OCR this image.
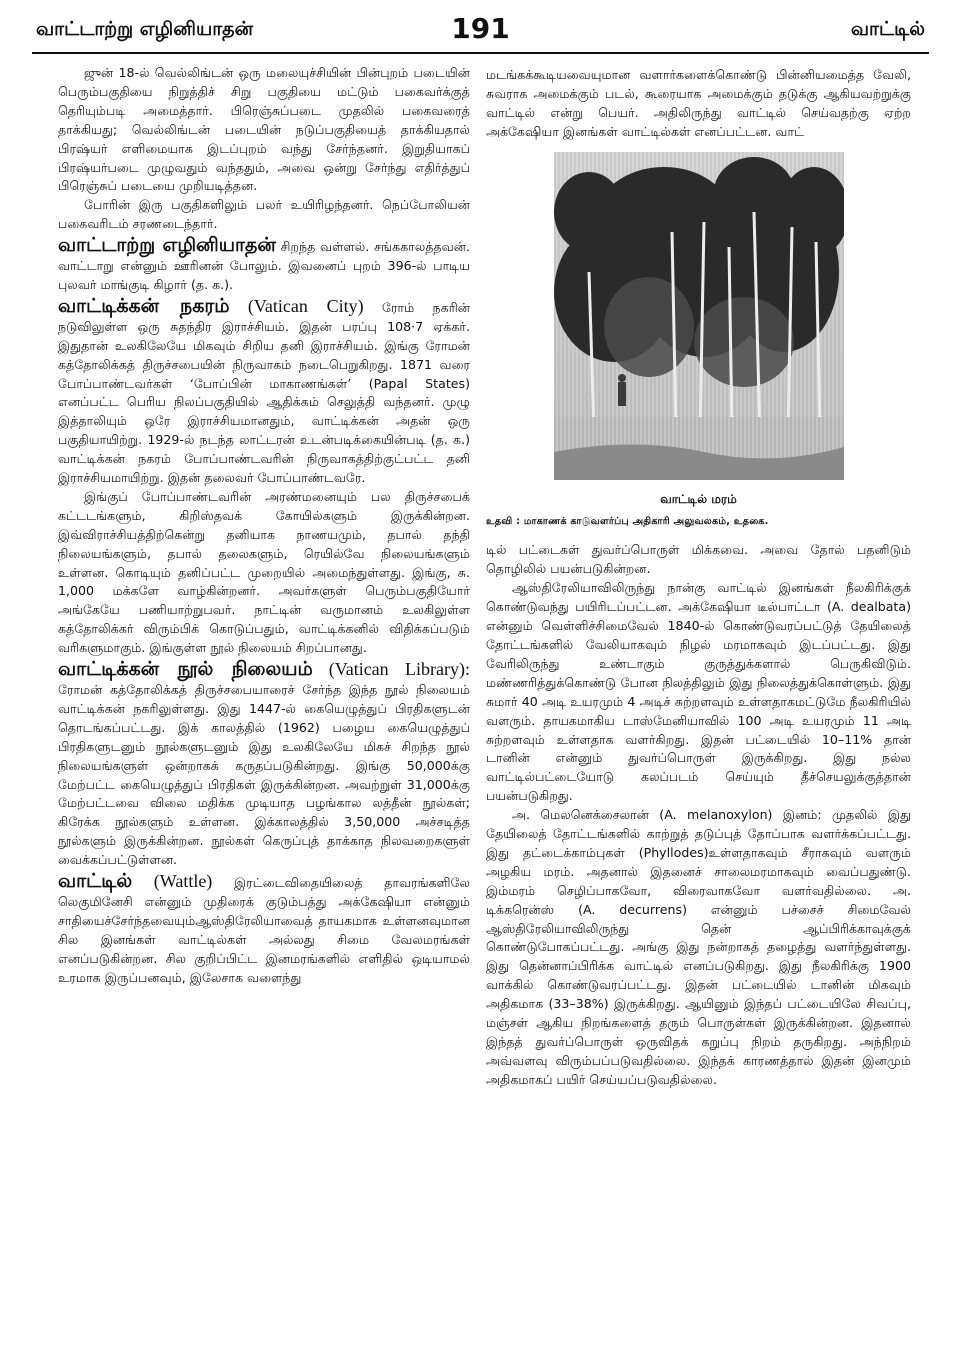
வாட்டாற்று எழினியாதன்	191	வாட்டில்

ஜுன் 18-ல் வெல்லிங்டன் ஒரு மலையுச்சியின் பின்புறம் படையின் பெரும்பகுதியை நிறுத்திச் சிறு பகுதியை மட்டும் பகைவர்க்குத் தெரியும்படி அமைத்தார். பிரெஞ்சுப்படை முதலில் பகைவரைத் தாக்கியது; வெல்லிங்டன் படையின் நடுப்பகுதியைத் தாக்கியதால் பிரஷ்யர் எளிமையாக இடப்புறம் வந்து சேர்ந்தனர். இறுதியாகப் பிரஷ்யர்படை முழுவதும் வந்ததும், அவை ஒன்று சேர்ந்து எதிர்த்துப் பிரெஞ்சுப் படையை முறியடித்தன.

போரின் இரு பகுதிகளிலும் பலர் உயிரிழந்தனர். நெப்போலியன் பகைவரிடம் சரணடைந்தார்.

வாட்டாற்று எழினியாதன் சிறந்த வள்ளல். சங்ககாலத்தவன். வாட்டாறு என்னும் ஊரினன் போலும். இவனைப் புறம் 396-ல் பாடிய புலவர் மாங்குடி கிழார் (த. க.).

வாட்டிக்கன் நகரம் (Vatican City) ரோம் நகரின் நடுவிலுள்ள ஒரு சுதந்திர இராச்சியம். இதன் பரப்பு 108·7 ஏக்கர். இதுதான் உலகிலேயே மிகவும் சிறிய தனி இராச்சியம். இங்கு ரோமன் கத்தோலிக்கத் திருச்சபையின் நிருவாகம் நடைபெறுகிறது. 1871 வரை போப்பாண்டவர்கள் ‘போப்பின் மாகாணங்கள்’ (Papal States) எனப்பட்ட பெரிய நிலப்பகுதியில் ஆதிக்கம் செலுத்தி வந்தனர். முழு இத்தாலியும் ஒரே இராச்சியமானதும், வாட்டிக்கன் அதன் ஒரு பகுதியாயிற்று. 1929-ல் நடந்த லாட்டரன் உடன்படிக்கையின்படி (த. க.) வாட்டிக்கன் நகரம் போப்பாண்டவரின் நிருவாகத்திற்குட்பட்ட தனி இராச்சியமாயிற்று. இதன் தலைவர் போப்பாண்டவரே.

இங்குப் போப்பாண்டவரின் அரண்மனையும் பல திருச்சபைக் கட்டடங்களும், கிறிஸ்தவக் கோயில்களும் இருக்கின்றன. இவ்விராச்சியத்திற்கென்று தனியாக நாணயமும், தபால் தந்தி நிலையங்களும், தபால் தலைகளும், ரெயில்வே நிலையங்களும் உள்ளன. கொடியும் தனிப்பட்ட முறையில் அமைந்துள்ளது. இங்கு, சு. 1,000 மக்களே வாழ்கின்றனர். அவர்களுள் பெரும்பகுதியோர் அங்கேயே பணியாற்றுபவர். நாட்டின் வருமானம் உலகிலுள்ள கத்தோலிக்கர் விரும்பிக் கொடுப்பதும், வாட்டிக்கனில் விதிக்கப்படும் வரிகளுமாகும். இங்குள்ள நூல் நிலையம் சிறப்பானது.

வாட்டிக்கன் நூல் நிலையம் (Vatican Library): ரோமன் கத்தோலிக்கத் திருச்சபையாரைச் சேர்ந்த இந்த நூல் நிலையம் வாட்டிக்கன் நகரிலுள்ளது. இது 1447-ல் கையெழுத்துப் பிரதிகளுடன் தொடங்கப்பட்டது. இக் காலத்தில் (1962) பழைய கையெழுத்துப் பிரதிகளுடனும் நூல்களுடனும் இது உலகிலேயே மிகச் சிறந்த நூல் நிலையங்களுள் ஒன்றாகக் கருதப்படுகின்றது. இங்கு 50,000க்கு மேற்பட்ட கையெழுத்துப் பிரதிகள் இருக்கின்றன. அவற்றுள் 31,000க்கு மேற்பட்டவை விலை மதிக்க முடியாத பழங்கால லத்தீன் நூல்கள்; கிரேக்க நூல்களும் உள்ளன. இக்காலத்தில் 3,50,000 அச்சடித்த நூல்களும் இருக்கின்றன. நூல்கள் கெருப்புத் தாக்காத நிலவறைகளுள் வைக்கப்பட்டுள்ளன.

வாட்டில் (Wattle) இரட்டைவிதையிலைத் தாவரங்களிலே லெகுமினேசி என்னும் முதிரைக் குடும்பத்து அக்கேஷியா என்னும் சாதியைச்சேர்ந்தவையும்ஆஸ்திரேலியாவைத் தாயகமாக உள்ளனவுமான சில இனங்கள் வாட்டில்கள் அல்லது சிமை வேலமரங்கள் எனப்படுகின்றன. சில குறிப்பிட்ட இனமரங்களில் எளிதில் ஒடியாமல் உரமாக இருப்பனவும், இலேசாக வளைந்து

மடங்கக்கூடியவையுமான வளார்களைக்கொண்டு பின்னியமைத்த வேலி, சுவராக அமைக்கும் படல், கூரையாக அமைக்கும் தடுக்கு ஆகியவற்றுக்கு வாட்டில் என்று பெயர். அதிலிருந்து வாட்டில் செய்வதற்கு ஏற்ற அக்கேஷியா இனங்கள் வாட்டில்கள் எனப்பட்டன. வாட்

வாட்டில் மரம்
உதவி : மாகாணக் காடுவளர்ப்பு அதிகாரி அலுவலகம், உதகை.

டில் பட்டைகள் துவர்ப்பொருள் மிக்கவை. அவை தோல் பதனிடும் தொழிலில் பயன்படுகின்றன.

ஆஸ்திரேலியாவிலிருந்து நான்கு வாட்டில் இனங்கள் நீலகிரிக்குக் கொண்டுவந்து பயிரிடப்பட்டன. அக்கேஷியா டீல்பாட்டா (A. dealbata) என்னும் வெள்ளிச்சிமைவேல் 1840-ல் கொண்டுவரப்பட்டுத் தேயிலைத் தோட்டங்களில் வேலியாகவும் நிழல் மரமாகவும் இடப்பட்டது. இது வேரிலிருந்து உண்டாகும் குருத்துக்களால் பெருகிவிடும். மண்ணரித்துக்கொண்டு போன நிலத்திலும் இது நிலைத்துக்கொள்ளும். இது சுமார் 40 அடி உயரமும் 4 அடிச் சுற்றளவும் உள்ளதாகமட்டுமே நீலகிரியில் வளரும். தாயகமாகிய டாஸ்மேனியாவில் 100 அடி உயரமும் 11 அடி சுற்றளவும் உள்ளதாக வளர்கிறது. இதன் பட்டையில் 10–11% தான் டானின் என்னும் துவர்ப்பொருள் இருக்கிறது. இது நல்ல வாட்டில்பட்டையோடு கலப்படம் செய்யும் தீச்செயலுக்குத்தான் பயன்படுகிறது.

அ. மெலனெக்சைலான் (A. melanoxylon) இனம்: முதலில் இது தேயிலைத் தோட்டங்களில் காற்றுத் தடுப்புத் தோப்பாக வளர்க்கப்பட்டது. இது தட்டைக்காம்புகள் (Phyllodes)உள்ளதாகவும் சீராகவும் வளரும் அழகிய மரம். அதனால் இதனைச் சாலைமரமாகவும் வைப்பதுண்டு. இம்மரம் செழிப்பாகவோ, விரைவாகவோ வளர்வதில்லை. அ. டிக்கரென்ஸ் (A. decurrens) என்னும் பச்சைச் சிமைவேல் ஆஸ்திரேலியாவிலிருந்து தென் ஆப்பிரிக்காவுக்குக் கொண்டுபோகப்பட்டது. அங்கு இது நன்றாகத் தழைத்து வளர்ந்துள்ளது. இது தென்னாப்பிரிக்க வாட்டில் எனப்படுகிறது. இது நீலகிரிக்கு 1900 வாக்கில் கொண்டுவரப்பட்டது. இதன் பட்டையில் டானின் மிகவும் அதிகமாக (33–38%) இருக்கிறது. ஆயினும் இந்தப் பட்டையிலே சிவப்பு, மஞ்சள் ஆகிய நிறங்களைத் தரும் பொருள்கள் இருக்கின்றன. இதனால் இந்தத் துவர்ப்பொருள் ஒருவிதக் கறுப்பு நிறம் தருகிறது. அந்நிறம் அவ்வளவு விரும்பப்படுவதில்லை. இந்தக் காரணத்தால் இதன் இனமும் அதிகமாகப் பயிர் செய்யப்படுவதில்லை.
